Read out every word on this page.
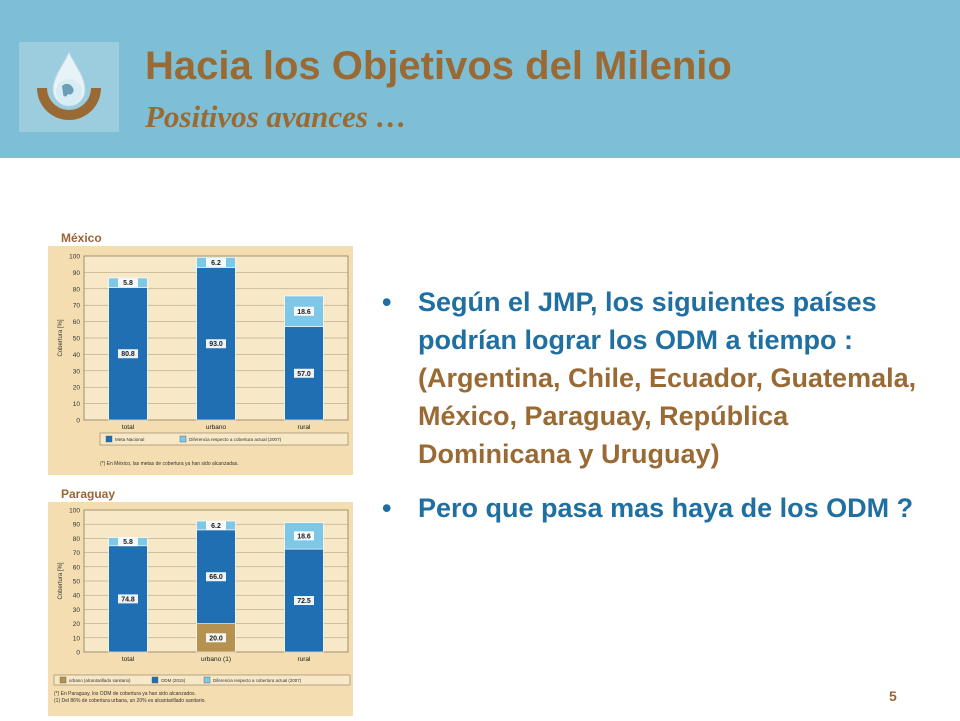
Hacia los Objetivos del Milenio
Positivos avances …
México
0
10
20
30
40
50
60
70
80
90
100
Cobertura [%]	80.8
5.8
total
93.0
6.2
urbano
57.0
18.6
rural
Meta Nacional	Diferencia respecto a cobertura actual (2007)
(*) En México, las metas de cobertura ya han sido alcanzadas.
Paraguay
0
10
20
30
40
50
60
70
80
90
100
Cobertura [%]
74.8
5.8
total
20.0
66.0
6.2
urbano (1)
72.5
18.6
rural
urbano (alcantarillado sanitario)	ODM (2015)	Diferencia respecto a cobertura actual (2007)
(*) En Paraguay, los ODM de cobertura ya han sido alcanzados.
(1) Del 86% de cobertura urbana, un 20% es alcantarillado sanitario.
• Según el JMP, los siguientes países podrían lograr los ODM a tiempo : (Argentina, Chile, Ecuador, Guatemala, México, Paraguay, República Dominicana y Uruguay)
• Pero que pasa mas haya de los ODM ?
5
